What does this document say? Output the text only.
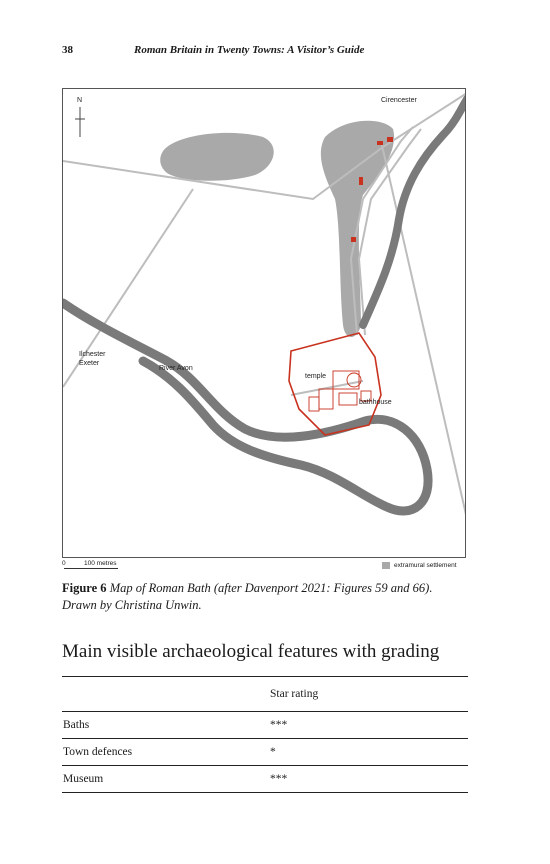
38	Roman Britain in Twenty Towns: A Visitor’s Guide
N	Cirencester
Ilchester
Exeter
River Avon
temple
bathhouse
0	100 metres	extramural settlement
Figure 6 Map of Roman Bath (after Davenport 2021: Figures 59 and 66). Drawn by Christina Unwin.
Main visible archaeological features with grading
	Star rating
Baths	***
Town defences	*
Museum	***
